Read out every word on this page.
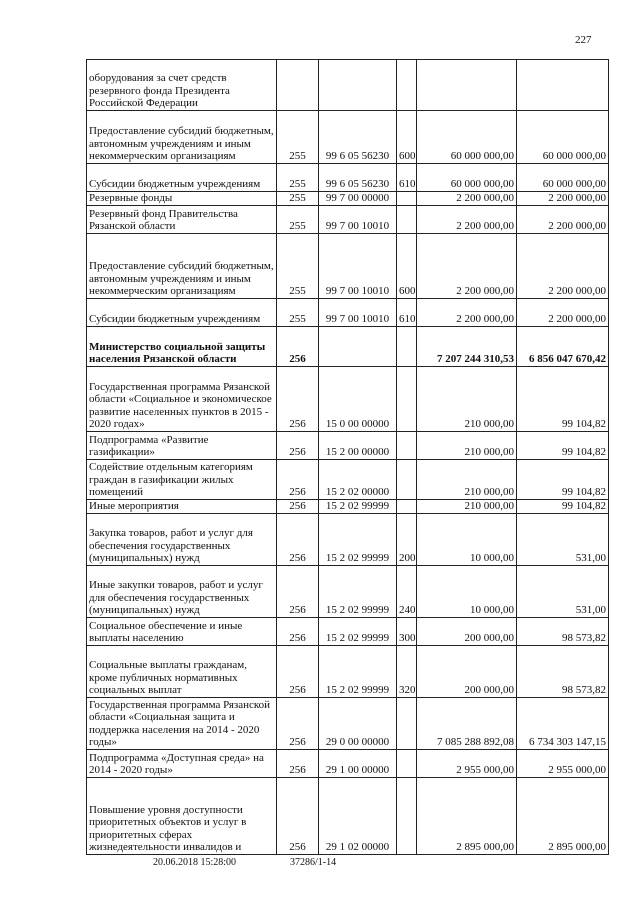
227
оборудования за счет средств резервного фонда Президента Российской Федерации					
Предоставление субсидий бюджетным, автономным учреждениям и иным некоммерческим организациям	255	99 6 05 56230	600	60 000 000,00	60 000 000,00
Субсидии бюджетным учреждениям	255	99 6 05 56230	610	60 000 000,00	60 000 000,00
Резервные фонды	255	99 7 00 00000		2 200 000,00	2 200 000,00
Резервный фонд Правительства Рязанской области	255	99 7 00 10010		2 200 000,00	2 200 000,00
Предоставление субсидий бюджетным, автономным учреждениям и иным некоммерческим организациям	255	99 7 00 10010	600	2 200 000,00	2 200 000,00
Субсидии бюджетным учреждениям	255	99 7 00 10010	610	2 200 000,00	2 200 000,00
Министерство социальной защиты населения Рязанской области	256			7 207 244 310,53	6 856 047 670,42
Государственная программа Рязанской области «Социальное и экономическое развитие населенных пунктов в 2015 - 2020 годах»	256	15 0 00 00000		210 000,00	99 104,82
Подпрограмма «Развитие газификации»	256	15 2 00 00000		210 000,00	99 104,82
Содействие отдельным категориям граждан в газификации жилых помещений	256	15 2 02 00000		210 000,00	99 104,82
Иные мероприятия	256	15 2 02 99999		210 000,00	99 104,82
Закупка товаров, работ и услуг для обеспечения государственных (муниципальных) нужд	256	15 2 02 99999	200	10 000,00	531,00
Иные закупки товаров, работ и услуг для обеспечения государственных (муниципальных) нужд	256	15 2 02 99999	240	10 000,00	531,00
Социальное обеспечение и иные выплаты населению	256	15 2 02 99999	300	200 000,00	98 573,82
Социальные выплаты гражданам, кроме публичных нормативных социальных выплат	256	15 2 02 99999	320	200 000,00	98 573,82
Государственная программа Рязанской области «Социальная защита и поддержка населения на 2014 - 2020 годы»	256	29 0 00 00000		7 085 288 892,08	6 734 303 147,15
Подпрограмма «Доступная среда» на 2014 - 2020 годы»	256	29 1 00 00000		2 955 000,00	2 955 000,00
Повышение уровня доступности приоритетных объектов и услуг в приоритетных сферах жизнедеятельности инвалидов и	256	29 1 02 00000		2 895 000,00	2 895 000,00
20.06.2018 15:28:00	37286/1-14
